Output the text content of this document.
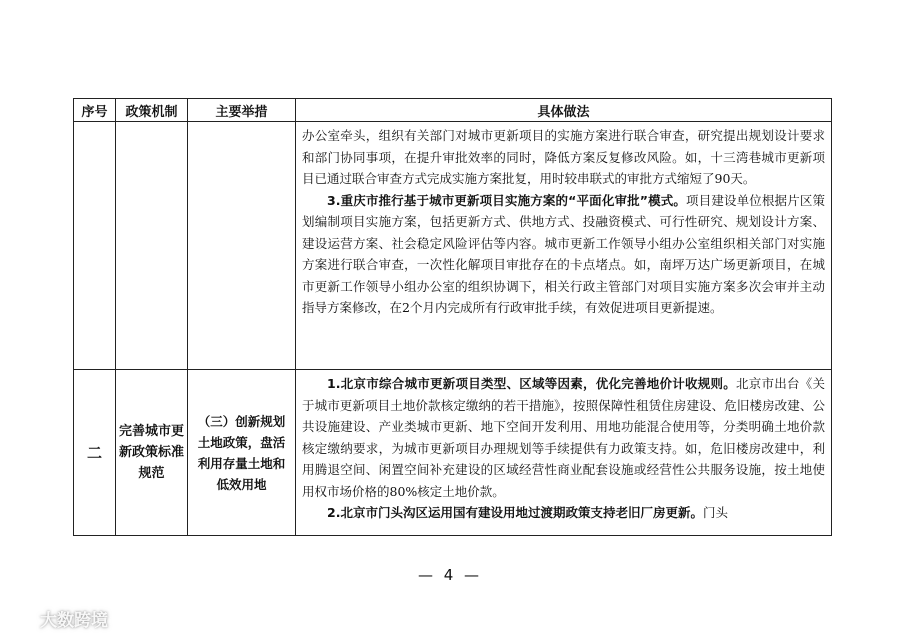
序号	政策机制	主要举措	具体做法

			办公室牵头，组织有关部门对城市更新项目的实施方案进行联合审查，研究提出规划设计要求和部门协同事项，在提升审批效率的同时，降低方案反复修改风险。如，十三湾巷城市更新项目已通过联合审查方式完成实施方案批复，用时较串联式的审批方式缩短了90天。

3.重庆市推行基于城市更新项目实施方案的“平面化审批”模式。项目建设单位根据片区策划编制项目实施方案，包括更新方式、供地方式、投融资模式、可行性研究、规划设计方案、建设运营方案、社会稳定风险评估等内容。城市更新工作领导小组办公室组织相关部门对实施方案进行联合审查，一次性化解项目审批存在的卡点堵点。如，南坪万达广场更新项目，在城市更新工作领导小组办公室的组织协调下，相关行政主管部门对项目实施方案多次会审并主动指导方案修改，在2个月内完成所有行政审批手续，有效促进项目更新提速。

二	完善城市更新政策标准规范	（三）创新规划土地政策，盘活利用存量土地和低效用地	1.北京市综合城市更新项目类型、区域等因素，优化完善地价计收规则。北京市出台《关于城市更新项目土地价款核定缴纳的若干措施》，按照保障性租赁住房建设、危旧楼房改建、公共设施建设、产业类城市更新、地下空间开发利用、用地功能混合使用等，分类明确土地价款核定缴纳要求，为城市更新项目办理规划等手续提供有力政策支持。如，危旧楼房改建中，利用腾退空间、闲置空间补充建设的区域经营性商业配套设施或经营性公共服务设施，按土地使用权市场价格的80%核定土地价款。

2.北京市门头沟区运用国有建设用地过渡期政策支持老旧厂房更新。门头

— 4 —
大数跨境
